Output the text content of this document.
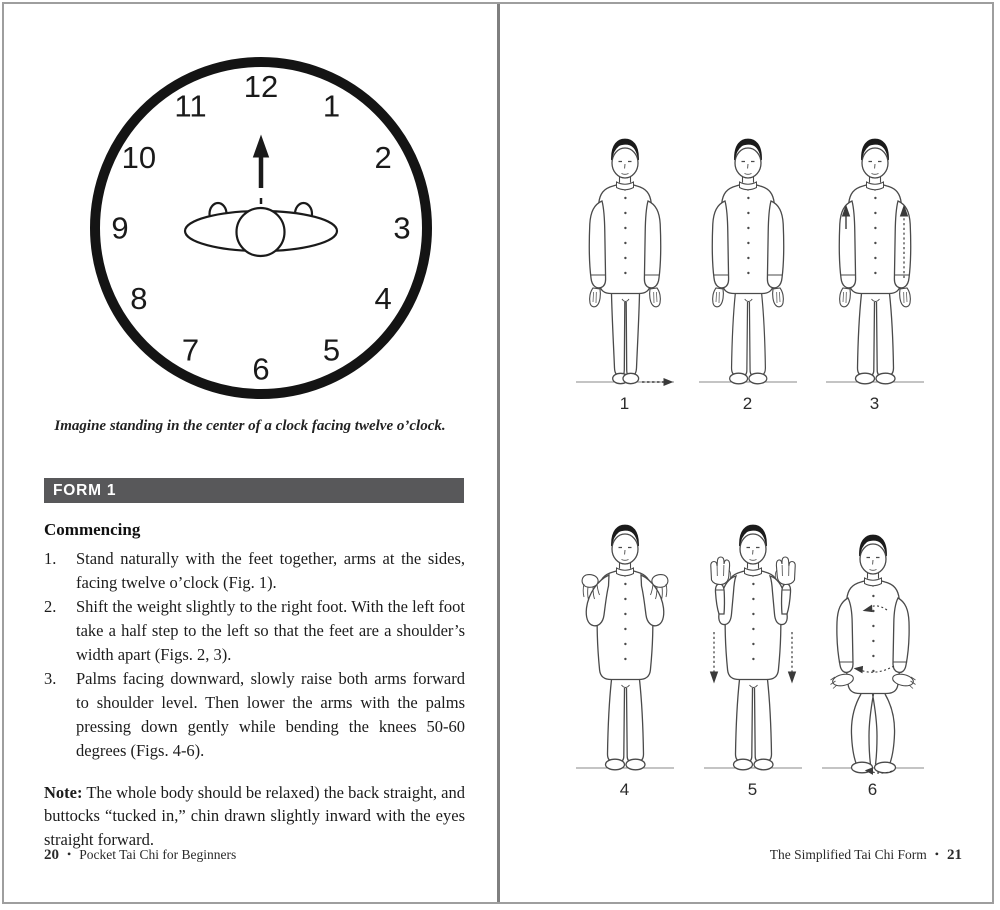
12
1
2
3
4
5
6
7
8
9
10
11
Imagine standing in the center of a clock facing twelve o’clock.
FORM 1
Commencing
1.	Stand naturally with the feet together, arms at the sides, facing twelve o’clock (Fig. 1).
2.	Shift the weight slightly to the right foot. With the left foot take a half step to the left so that the feet are a shoulder’s width apart (Figs. 2, 3).
3.	Palms facing downward, slowly raise both arms forward to shoulder level. Then lower the arms with the palms pressing down gently while bending the knees 50-60 degrees (Figs. 4-6).

Note: The whole body should be relaxed) the back straight, and buttocks “tucked in,” chin drawn slightly inward with the eyes straight forward.

20 • Pocket Tai Chi for Beginners
1	2	3
4	5	6
The Simplified Tai Chi Form • 21
